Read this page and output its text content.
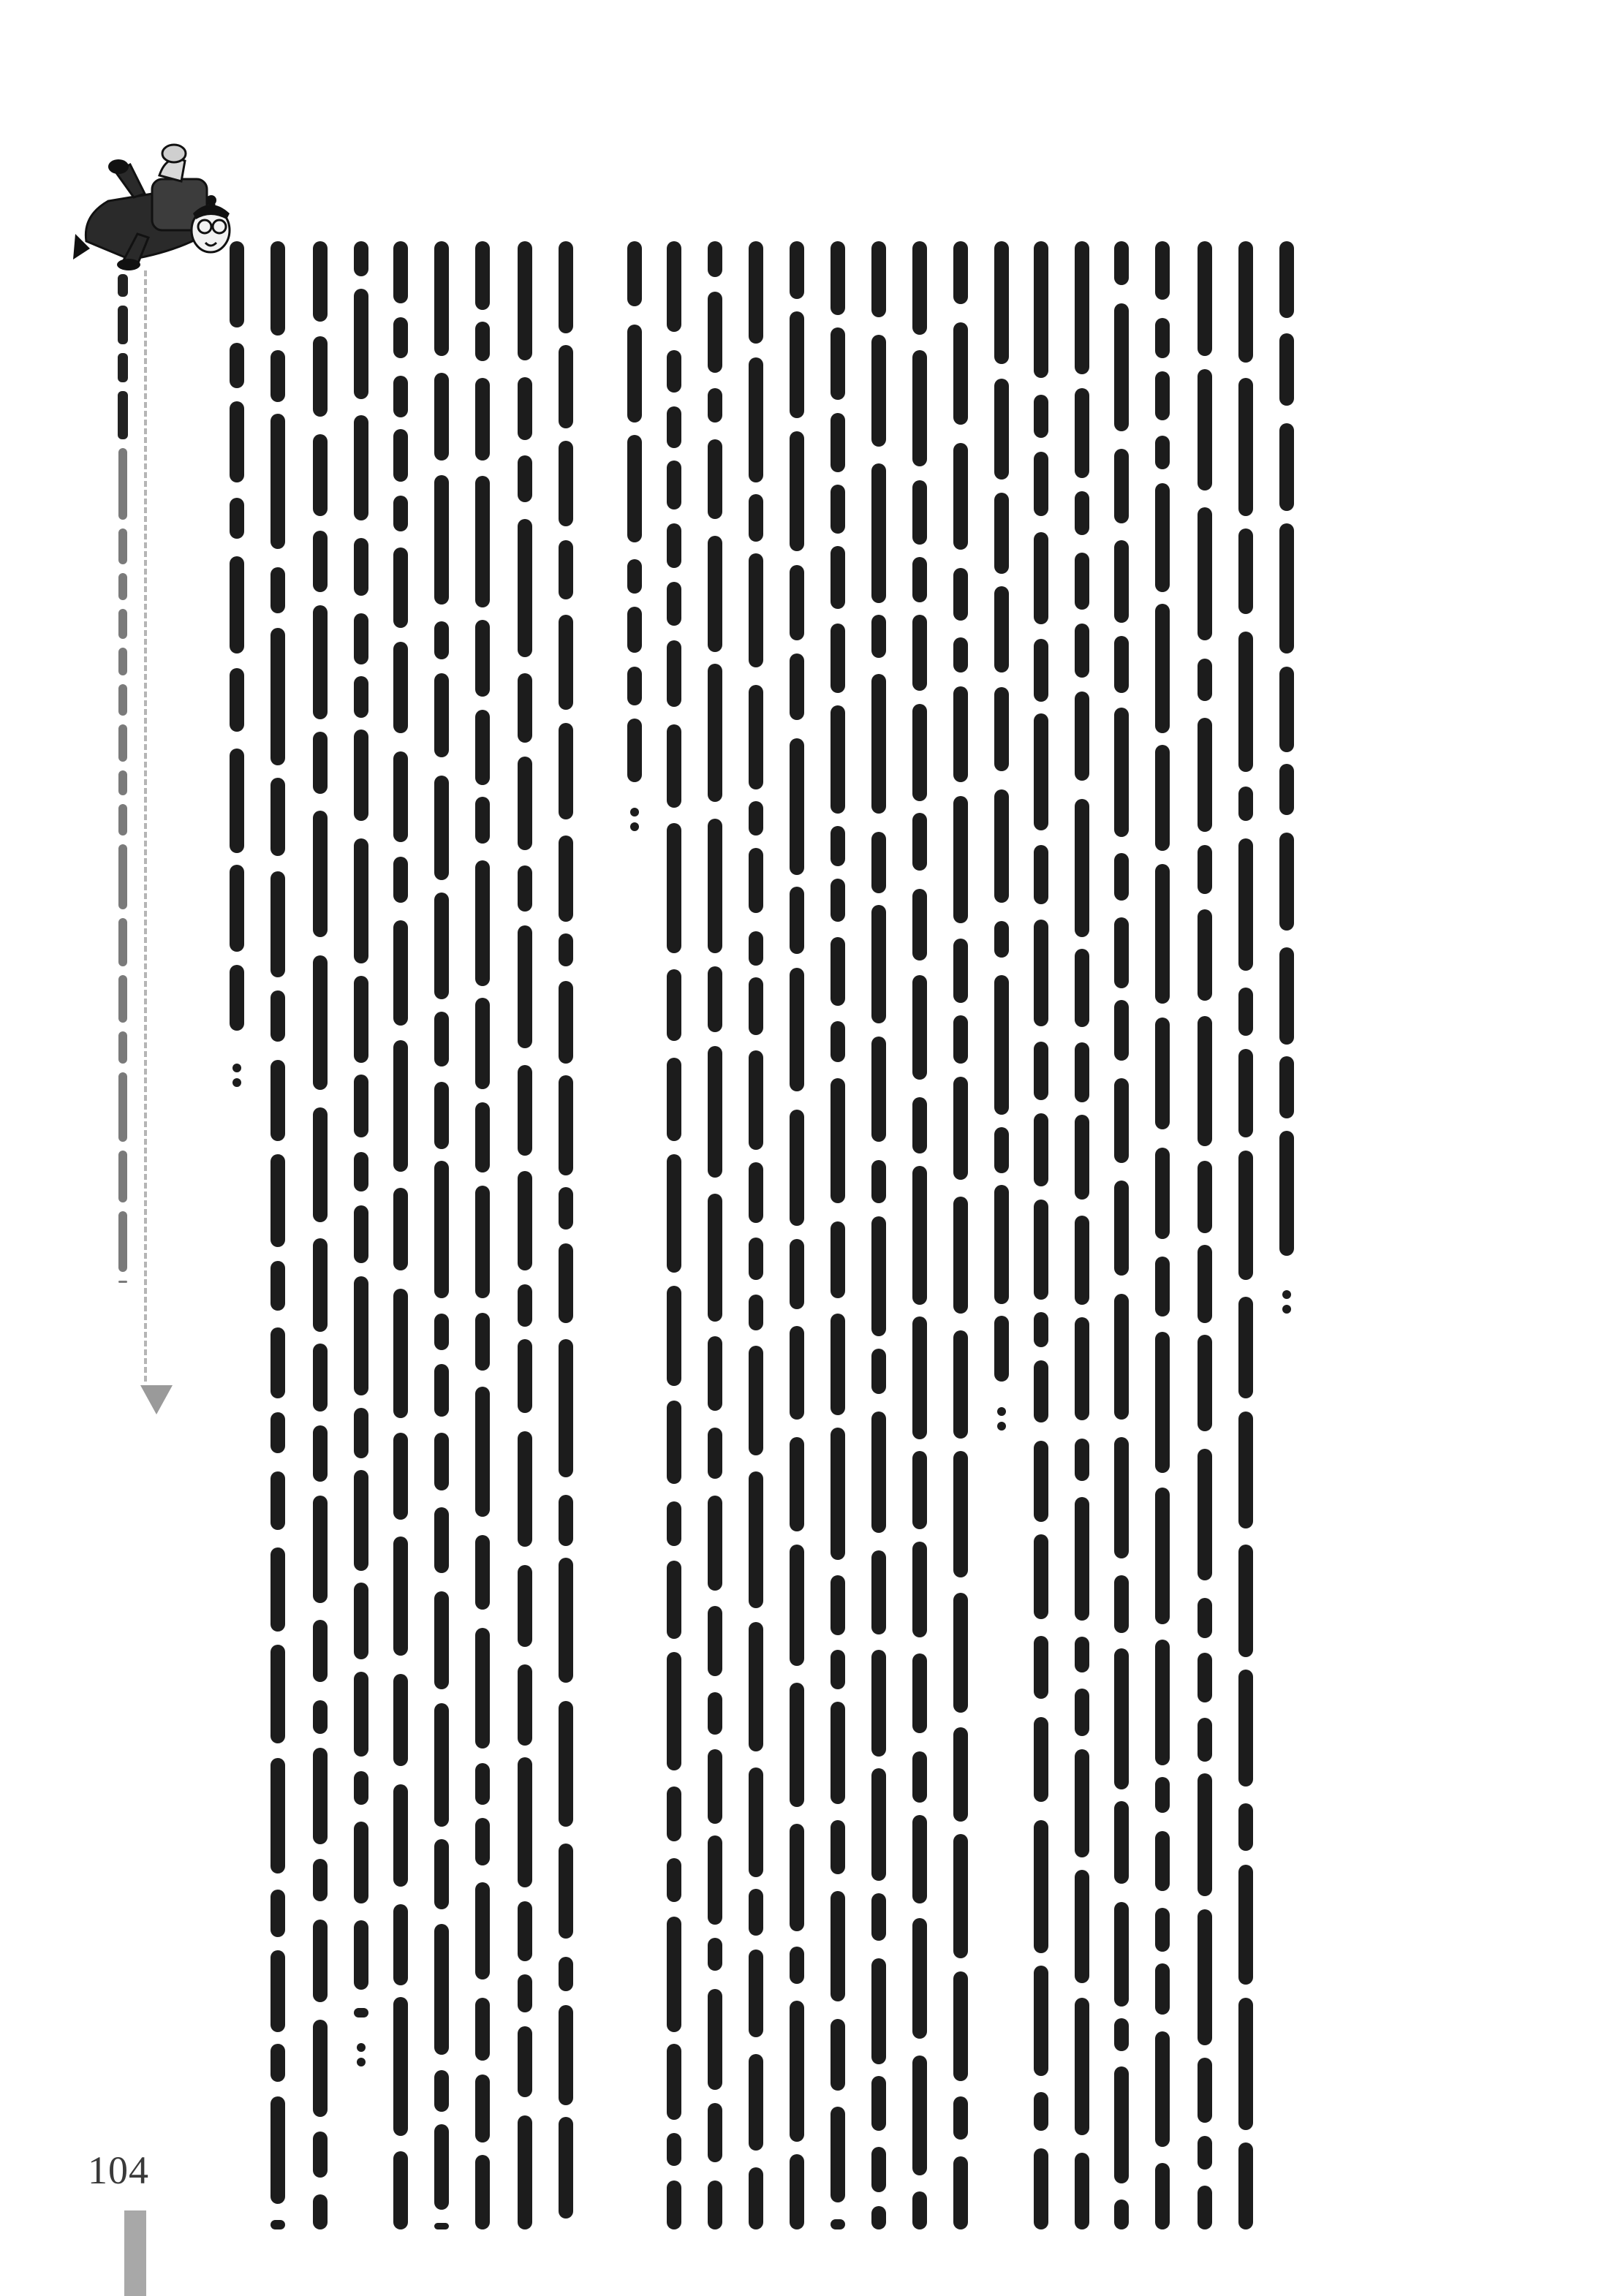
104
